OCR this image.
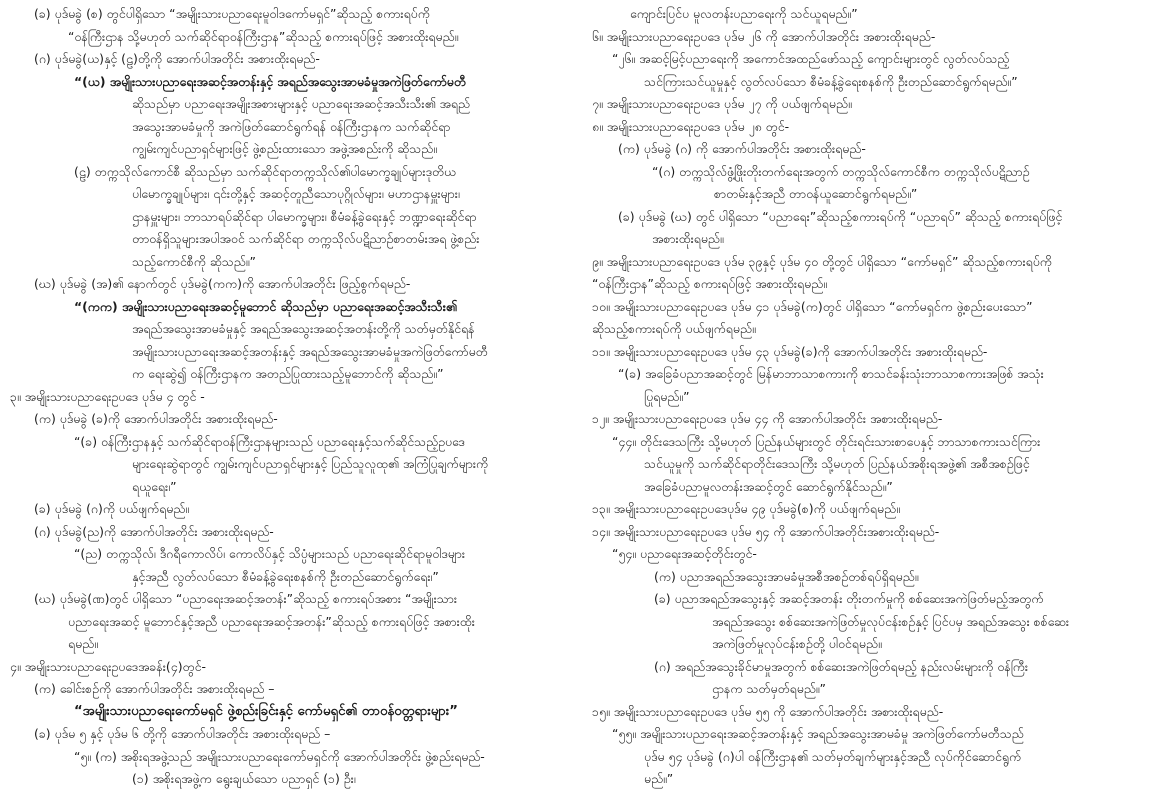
(ခ) ပုဒ်မခွဲ (စ) တွင်ပါရှိသော “အမျိုးသားပညာရေးမူဝါဒကော်မရှင်”ဆိုသည့် စကားရပ်ကို
“ဝန်ကြီးဌာန သို့မဟုတ် သက်ဆိုင်ရာဝန်ကြီးဌာန”ဆိုသည့် စကားရပ်ဖြင့် အစားထိုးရမည်။
(ဂ) ပုဒ်မခွဲ(ယ)နှင့် (ဠ)တို့ကို အောက်ပါအတိုင်း အစားထိုးရမည်-
“(ယ) အမျိုးသားပညာရေးအဆင့်အတန်းနှင့် အရည်အသွေးအာမခံမှုအကဲဖြတ်ကော်မတီ
ဆိုသည်မှာ ပညာရေးအမျိုးအစားများနှင့် ပညာရေးအဆင့်အသီးသီး၏ အရည်
အသွေးအာမခံမှုကို အကဲဖြတ်ဆောင်ရွက်ရန် ဝန်ကြီးဌာနက သက်ဆိုင်ရာ
ကျွမ်းကျင်ပညာရှင်များဖြင့် ဖွဲ့စည်းထားသော အဖွဲ့အစည်းကို ဆိုသည်။
(ဠ) တက္ကသိုလ်ကောင်စီ ဆိုသည်မှာ သက်ဆိုင်ရာတက္ကသိုလ်၏ပါမောက္ခချုပ်များဒုတိယ
ပါမောက္ခချုပ်များ၊ ၎င်းတို့နှင့် အဆင့်တူညီသောပုဂ္ဂိုလ်များ၊ မဟာဌာနမှူးများ၊
ဌာနမှူးများ၊ ဘာသာရပ်ဆိုင်ရာ ပါမောက္ခများ၊ စီမံခန့်ခွဲရေးနှင့် ဘဏ္ဍာရေးဆိုင်ရာ
တာဝန်ရှိသူများအပါအဝင် သက်ဆိုင်ရာ တက္ကသိုလ်ပဋိညာဉ်စာတမ်းအရ ဖွဲ့စည်း
သည့်ကောင်စီကို ဆိုသည်။”
(ဃ) ပုဒ်မခွဲ (အ)၏ နောက်တွင် ပုဒ်မခွဲ(ကက)ကို အောက်ပါအတိုင်း ဖြည့်စွက်ရမည်-
“(ကက) အမျိုးသားပညာရေးအဆင့်မူဘောင် ဆိုသည်မှာ ပညာရေးအဆင့်အသီးသီး၏
အရည်အသွေးအာမခံမှုနှင့် အရည်အသွေးအဆင့်အတန်းတို့ကို သတ်မှတ်နိုင်ရန်
အမျိုးသားပညာရေးအဆင့်အတန်းနှင့် အရည်အသွေးအာမခံမှုအကဲဖြတ်ကော်မတီ
က ရေးဆွဲ၍ ဝန်ကြီးဌာနက အတည်ပြုထားသည့်မူဘောင်ကို ဆိုသည်။”
၃။ အမျိုးသားပညာရေးဥပဒေ ပုဒ်မ ၄ တွင် -
(က) ပုဒ်မခွဲ (ခ)ကို အောက်ပါအတိုင်း အစားထိုးရမည်-
“(ခ) ဝန်ကြီးဌာနနှင့် သက်ဆိုင်ရာဝန်ကြီးဌာနများသည် ပညာရေးနှင့်သက်ဆိုင်သည့်ဥပဒေ
များရေးဆွဲရာတွင် ကျွမ်းကျင်ပညာရှင်များနှင့် ပြည်သူလူထု၏ အကြံပြုချက်များကို
ရယူရေး၊”
(ခ) ပုဒ်မခွဲ (ဂ)ကို ပယ်ဖျက်ရမည်။
(ဂ) ပုဒ်မခွဲ(ည)ကို အောက်ပါအတိုင်း အစားထိုးရမည်-
“(ည) တက္ကသိုလ်၊ ဒီဂရီကောလိပ်၊ ကောလိပ်နှင့် သိပ္ပံများသည် ပညာရေးဆိုင်ရာမူဝါဒများ
နှင့်အညီ လွတ်လပ်သော စီမံခန့်ခွဲရေးစနစ်ကို ဦးတည်ဆောင်ရွက်ရေး၊”
(ဃ) ပုဒ်မခွဲ(ဏ)တွင် ပါရှိသော “ပညာရေးအဆင့်အတန်း”ဆိုသည့် စကားရပ်အစား “အမျိုးသား
ပညာရေးအဆင့် မူဘောင်နှင့်အညီ ပညာရေးအဆင့်အတန်း”ဆိုသည့် စကားရပ်ဖြင့် အစားထိုး
ရမည်။
၄။ အမျိုးသားပညာရေးဥပဒေအခန်း(၄)တွင်-
(က) ခေါင်းစဉ်ကို အောက်ပါအတိုင်း အစားထိုးရမည် –
“အမျိုးသားပညာရေးကော်မရှင် ဖွဲ့စည်းခြင်းနှင့် ကော်မရှင်၏ တာဝန်ဝတ္တရားများ”
(ခ) ပုဒ်မ ၅ နှင့် ပုဒ်မ ၆ တို့ကို အောက်ပါအတိုင်း အစားထိုးရမည် –
“၅။ (က) အစိုးရအဖွဲ့သည် အမျိုးသားပညာရေးကော်မရှင်ကို အောက်ပါအတိုင်း ဖွဲ့စည်းရမည်-
(၁) အစိုးရအဖွဲ့က ရွေးချယ်သော ပညာရှင် (၁) ဦး၊
ကျောင်းပြင်ပ မူလတန်းပညာရေးကို သင်ယူရမည်။”
၆။ အမျိုးသားပညာရေးဥပဒေ ပုဒ်မ ၂၆ ကို အောက်ပါအတိုင်း အစားထိုးရမည်-
“၂၆။ အဆင့်မြင့်ပညာရေးကို အကောင်အထည်ဖော်သည့် ကျောင်းများတွင် လွတ်လပ်သည့်
သင်ကြားသင်ယူမှုနှင့် လွတ်လပ်သော စီမံခန့်ခွဲရေးစနစ်ကို ဦးတည်ဆောင်ရွက်ရမည်။”
၇။ အမျိုးသားပညာရေးဥပဒေ ပုဒ်မ ၂၇ ကို ပယ်ဖျက်ရမည်။
၈။ အမျိုးသားပညာရေးဥပဒေ ပုဒ်မ ၂၈ တွင်-
(က) ပုဒ်မခွဲ (ဂ) ကို အောက်ပါအတိုင်း အစားထိုးရမည်-
“(ဂ) တက္ကသိုလ်ဖွံ့ဖြိုးတိုးတက်ရေးအတွက် တက္ကသိုလ်ကောင်စီက တက္ကသိုလ်ပဋိညာဉ်
စာတမ်းနှင့်အညီ တာဝန်ယူဆောင်ရွက်ရမည်။”
(ခ) ပုဒ်မခွဲ (ဃ) တွင် ပါရှိသော “ပညာရေး”ဆိုသည့်စကားရပ်ကို “ပညာရပ်” ဆိုသည့် စကားရပ်ဖြင့်
အစားထိုးရမည်။
၉။ အမျိုးသားပညာရေးဥပဒေ ပုဒ်မ ၃၉နှင့် ပုဒ်မ ၄၀ တို့တွင် ပါရှိသော “ကော်မရှင်” ဆိုသည့်စကားရပ်ကို
“ဝန်ကြီးဌာန”ဆိုသည့် စကားရပ်ဖြင့် အစားထိုးရမည်။
၁၀။ အမျိုးသားပညာရေးဥပဒေ ပုဒ်မ ၄၁ ပုဒ်မခွဲ(က)တွင် ပါရှိသော “ကော်မရှင်က ဖွဲ့စည်းပေးသော”
ဆိုသည့်စကားရပ်ကို ပယ်ဖျက်ရမည်။
၁၁။ အမျိုးသားပညာရေးဥပဒေ ပုဒ်မ ၄၃ ပုဒ်မခွဲ(ခ)ကို အောက်ပါအတိုင်း အစားထိုးရမည်-
“(ခ) အခြေခံပညာအဆင့်တွင် မြန်မာဘာသာစကားကို စာသင်ခန်းသုံးဘာသာစကားအဖြစ် အသုံး
ပြုရမည်။”
၁၂။ အမျိုးသားပညာရေးဥပဒေ ပုဒ်မ ၄၄ ကို အောက်ပါအတိုင်း အစားထိုးရမည်-
“၄၄။ တိုင်းဒေသကြီး သို့မဟုတ် ပြည်နယ်များတွင် တိုင်းရင်းသားစာပေနှင့် ဘာသာစကားသင်ကြား
သင်ယူမှုကို သက်ဆိုင်ရာတိုင်းဒေသကြီး သို့မဟုတ် ပြည်နယ်အစိုးရအဖွဲ့၏ အစီအစဉ်ဖြင့်
အခြေခံပညာမူလတန်းအဆင့်တွင် ဆောင်ရွက်နိုင်သည်။”
၁၃။ အမျိုးသားပညာရေးဥပဒေပုဒ်မ ၄၉ ပုဒ်မခွဲ(စ)ကို ပယ်ဖျက်ရမည်။
၁၄။ အမျိုးသားပညာရေးဥပဒေ ပုဒ်မ ၅၄ ကို အောက်ပါအတိုင်းအစားထိုးရမည်-
“၅၄။ ပညာရေးအဆင့်တိုင်းတွင်-
(က) ပညာအရည်အသွေးအာမခံမှုအစီအစဉ်တစ်ရပ်ရှိရမည်။
(ခ) ပညာအရည်အသွေးနှင့် အဆင့်အတန်း တိုးတက်မှုကို စစ်ဆေးအကဲဖြတ်မည့်အတွက်
အရည်အသွေး စစ်ဆေးအကဲဖြတ်မှုလုပ်ငန်းစဉ်နှင့် ပြင်ပမှ အရည်အသွေး စစ်ဆေး
အကဲဖြတ်မှုလုပ်ငန်းစဉ်တို့ ပါဝင်ရမည်။
(ဂ) အရည်အသွေးခိုင်မာမှုအတွက် စစ်ဆေးအကဲဖြတ်ရမည့် နည်းလမ်းများကို ဝန်ကြီး
ဌာနက သတ်မှတ်ရမည်။”
၁၅။ အမျိုးသားပညာရေးဥပဒေ ပုဒ်မ ၅၅ ကို အောက်ပါအတိုင်း အစားထိုးရမည်-
“၅၅။ အမျိုးသားပညာရေးအဆင့်အတန်းနှင့် အရည်အသွေးအာမခံမှု အကဲဖြတ်ကော်မတီသည်
ပုဒ်မ ၅၄ ပုဒ်မခွဲ (ဂ)ပါ ဝန်ကြီးဌာန၏ သတ်မှတ်ချက်များနှင့်အညီ လုပ်ကိုင်ဆောင်ရွက်
မည်။”
